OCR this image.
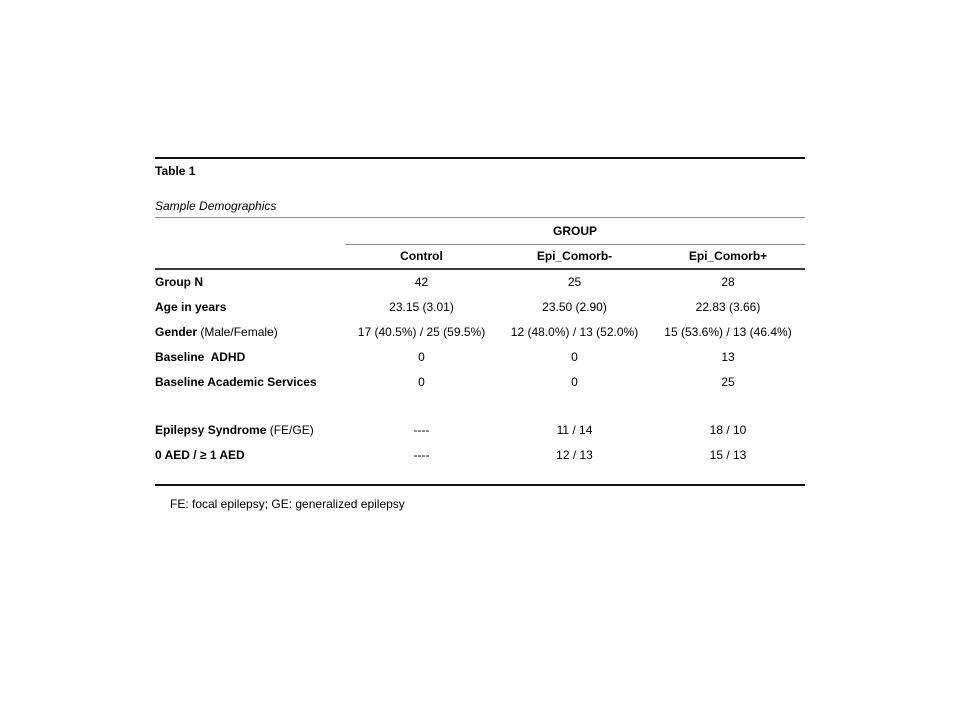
Table 1
Sample Demographics
GROUP
Control	Epi_Comorb-	Epi_Comorb+
Group N	42	25	28
Age in years	23.15 (3.01)	23.50 (2.90)	22.83 (3.66)
Gender (Male/Female)	17 (40.5%) / 25 (59.5%)	12 (48.0%) / 13 (52.0%)	15 (53.6%) / 13 (46.4%)
Baseline  ADHD	0	0	13
Baseline Academic Services	0	0	25
Epilepsy Syndrome (FE/GE)	----	11 / 14	18 / 10
0 AED / ≥ 1 AED	----	12 / 13	15 / 13
FE: focal epilepsy; GE: generalized epilepsy
